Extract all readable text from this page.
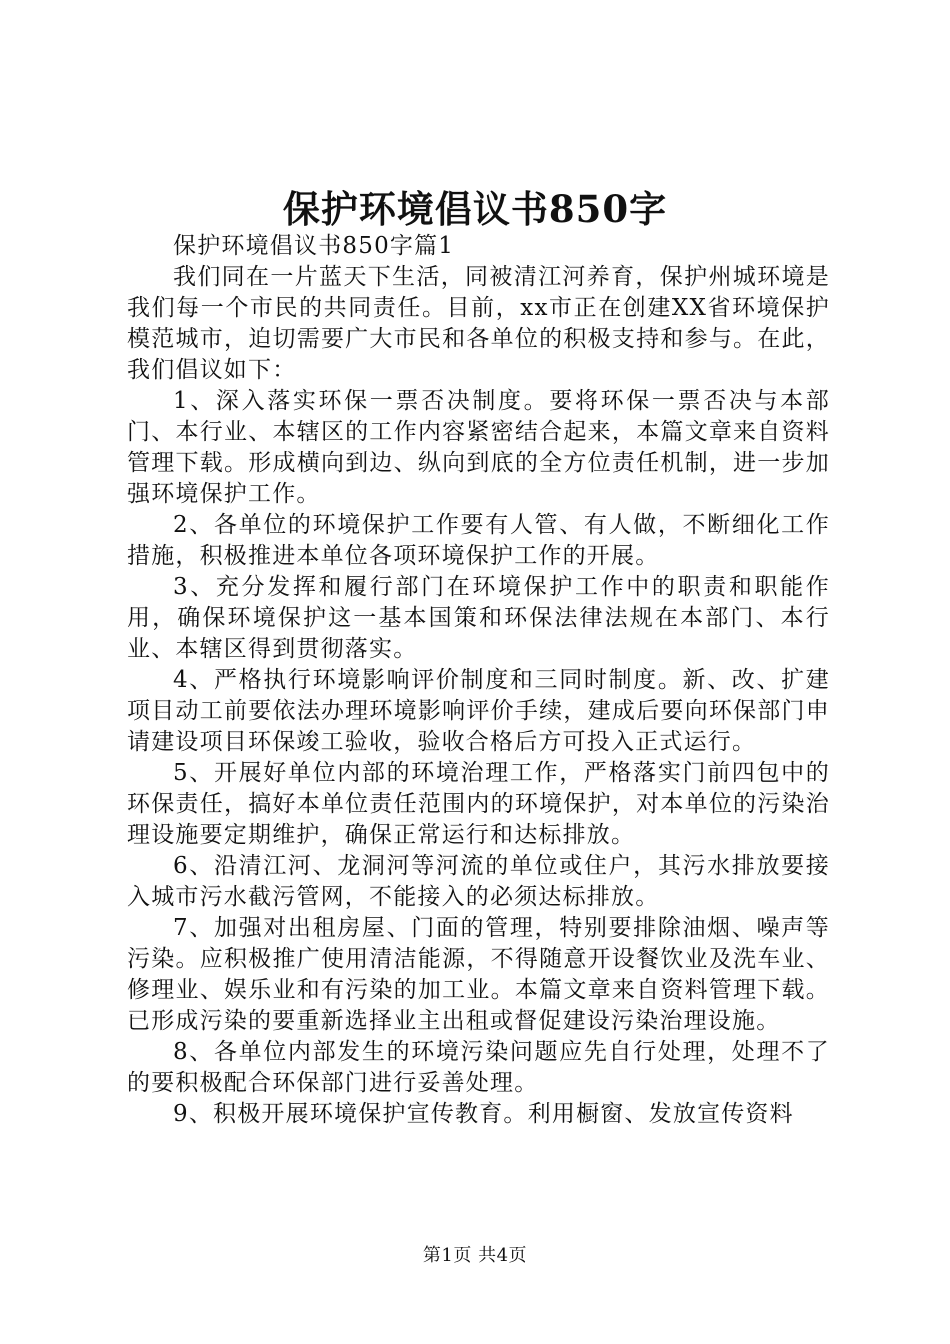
保护环境倡议书850字

保护环境倡议书850字篇1

我们同在一片蓝天下生活，同被清江河养育，保护州城环境是我们每一个市民的共同责任。目前，xx市正在创建XX省环境保护模范城市，迫切需要广大市民和各单位的积极支持和参与。在此，我们倡议如下：

1、深入落实环保一票否决制度。要将环保一票否决与本部门、本行业、本辖区的工作内容紧密结合起来，本篇文章来自资料管理下载。形成横向到边、纵向到底的全方位责任机制，进一步加强环境保护工作。

2、各单位的环境保护工作要有人管、有人做，不断细化工作措施，积极推进本单位各项环境保护工作的开展。

3、充分发挥和履行部门在环境保护工作中的职责和职能作用，确保环境保护这一基本国策和环保法律法规在本部门、本行业、本辖区得到贯彻落实。

4、严格执行环境影响评价制度和三同时制度。新、改、扩建项目动工前要依法办理环境影响评价手续，建成后要向环保部门申请建设项目环保竣工验收，验收合格后方可投入正式运行。

5、开展好单位内部的环境治理工作，严格落实门前四包中的环保责任，搞好本单位责任范围内的环境保护，对本单位的污染治理设施要定期维护，确保正常运行和达标排放。

6、沿清江河、龙洞河等河流的单位或住户，其污水排放要接入城市污水截污管网，不能接入的必须达标排放。

7、加强对出租房屋、门面的管理，特别要排除油烟、噪声等污染。应积极推广使用清洁能源，不得随意开设餐饮业及洗车业、修理业、娱乐业和有污染的加工业。本篇文章来自资料管理下载。已形成污染的要重新选择业主出租或督促建设污染治理设施。

8、各单位内部发生的环境污染问题应先自行处理，处理不了的要积极配合环保部门进行妥善处理。

9、积极开展环境保护宣传教育。利用橱窗、发放宣传资料

第1页 共4页
